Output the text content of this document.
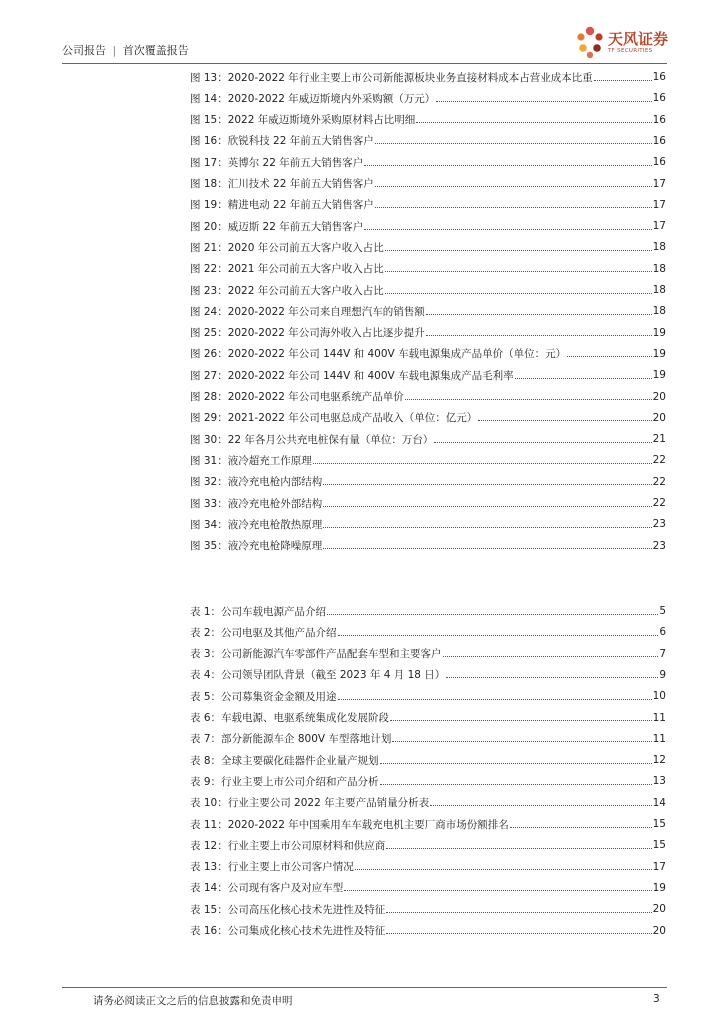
公司报告 | 首次覆盖报告
天风证券
TF SECURITIES
图 13：2020-2022 年行业主要上市公司新能源板块业务直接材料成本占营业成本比重	16
图 14：2020-2022 年威迈斯境内外采购额（万元）	16
图 15：2022 年威迈斯境外采购原材料占比明细	16
图 16：欣锐科技 22 年前五大销售客户	16
图 17：英博尔 22 年前五大销售客户	16
图 18：汇川技术 22 年前五大销售客户	17
图 19：精进电动 22 年前五大销售客户	17
图 20：威迈斯 22 年前五大销售客户	17
图 21：2020 年公司前五大客户收入占比	18
图 22：2021 年公司前五大客户收入占比	18
图 23：2022 年公司前五大客户收入占比	18
图 24：2020-2022 年公司来自理想汽车的销售额	18
图 25：2020-2022 年公司海外收入占比逐步提升	19
图 26：2020-2022 年公司 144V 和 400V 车载电源集成产品单价（单位：元）	19
图 27：2020-2022 年公司 144V 和 400V 车载电源集成产品毛利率	19
图 28：2020-2022 年公司电驱系统产品单价	20
图 29：2021-2022 年公司电驱总成产品收入（单位：亿元）	20
图 30：22 年各月公共充电桩保有量（单位：万台）	21
图 31：液冷超充工作原理	22
图 32：液冷充电枪内部结构	22
图 33：液冷充电枪外部结构	22
图 34：液冷充电枪散热原理	23
图 35：液冷充电枪降噪原理	23
表 1：公司车载电源产品介绍	5
表 2：公司电驱及其他产品介绍	6
表 3：公司新能源汽车零部件产品配套车型和主要客户	7
表 4：公司领导团队背景（截至 2023 年 4 月 18 日）	9
表 5：公司募集资金金额及用途	10
表 6：车载电源、电驱系统集成化发展阶段	11
表 7：部分新能源车企 800V 车型落地计划	11
表 8：全球主要碳化硅器件企业量产规划	12
表 9：行业主要上市公司介绍和产品分析	13
表 10：行业主要公司 2022 年主要产品销量分析表	14
表 11：2020-2022 年中国乘用车车载充电机主要厂商市场份额排名	15
表 12：行业主要上市公司原材料和供应商	15
表 13：行业主要上市公司客户情况	17
表 14：公司现有客户及对应车型	19
表 15：公司高压化核心技术先进性及特征	20
表 16：公司集成化核心技术先进性及特征	20
请务必阅读正文之后的信息披露和免责申明	3
